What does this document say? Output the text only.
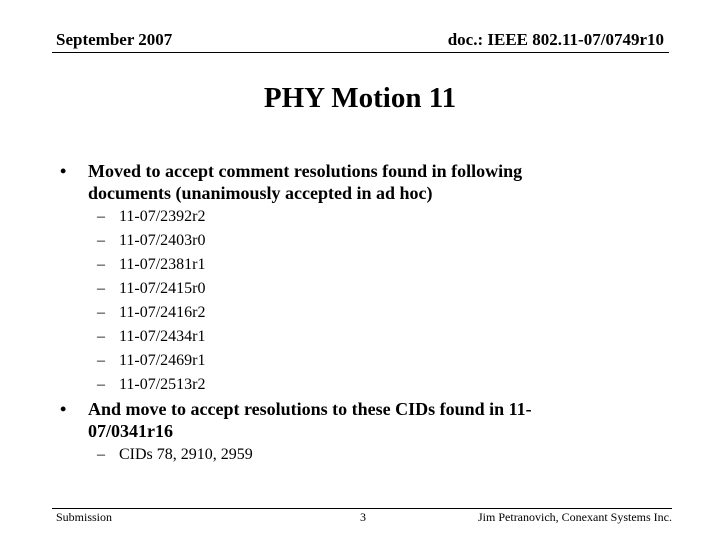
September 2007	doc.: IEEE 802.11-07/0749r10
PHY Motion 11
• Moved to accept comment resolutions found in following
documents (unanimously accepted in ad hoc)
– 11-07/2392r2
– 11-07/2403r0
– 11-07/2381r1
– 11-07/2415r0
– 11-07/2416r2
– 11-07/2434r1
– 11-07/2469r1
– 11-07/2513r2
• And move to accept resolutions to these CIDs found in 11-
07/0341r16
– CIDs 78, 2910, 2959
Submission	3	Jim Petranovich, Conexant Systems Inc.
